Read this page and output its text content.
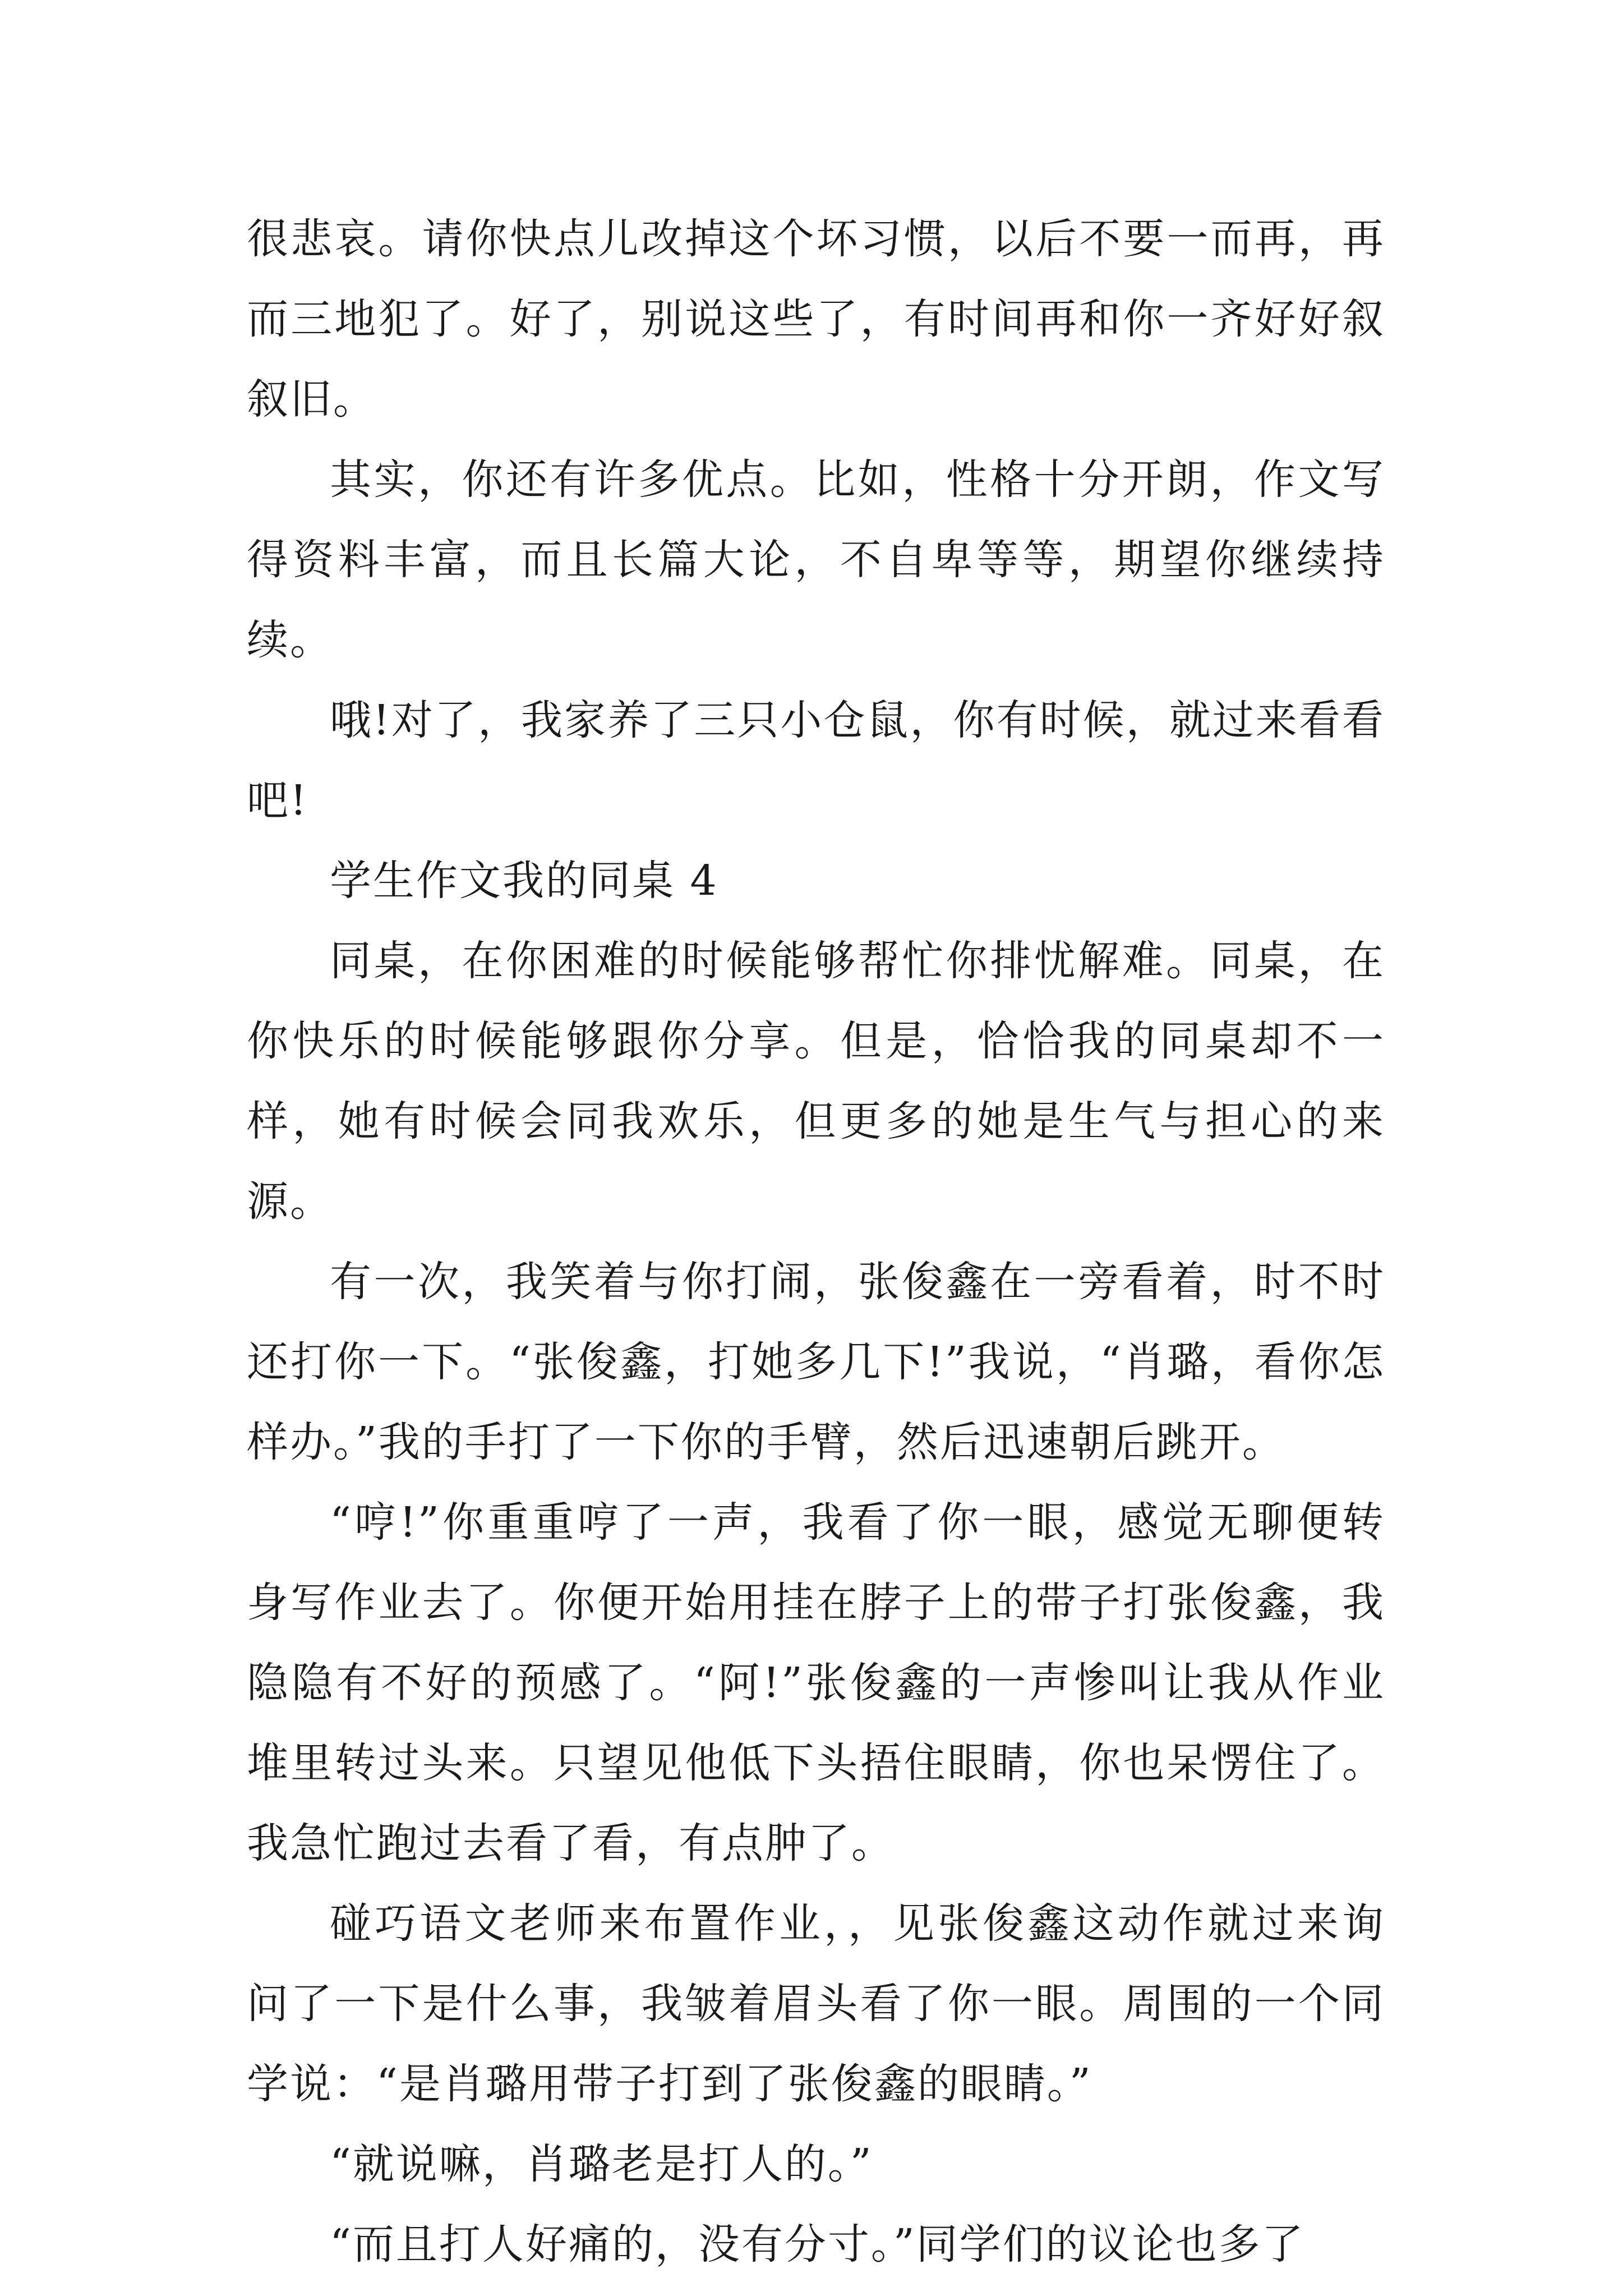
很悲哀。请你快点儿改掉这个坏习惯，以后不要一而再，再而三地犯了。好了，别说这些了，有时间再和你一齐好好叙叙旧。

其实，你还有许多优点。比如，性格十分开朗，作文写得资料丰富，而且长篇大论，不自卑等等，期望你继续持续。

哦!对了，我家养了三只小仓鼠，你有时候，就过来看看吧!

学生作文我的同桌 4

同桌，在你困难的时候能够帮忙你排忧解难。同桌，在你快乐的时候能够跟你分享。但是，恰恰我的同桌却不一样，她有时候会同我欢乐，但更多的她是生气与担心的来源。

有一次，我笑着与你打闹，张俊鑫在一旁看着，时不时还打你一下。“张俊鑫，打她多几下!”我说，“肖璐，看你怎样办。”我的手打了一下你的手臂，然后迅速朝后跳开。

“哼!”你重重哼了一声，我看了你一眼，感觉无聊便转身写作业去了。你便开始用挂在脖子上的带子打张俊鑫，我隐隐有不好的预感了。“阿!”张俊鑫的一声惨叫让我从作业堆里转过头来。只望见他低下头捂住眼睛，你也呆愣住了。我急忙跑过去看了看，有点肿了。

碰巧语文老师来布置作业，，见张俊鑫这动作就过来询问了一下是什么事，我皱着眉头看了你一眼。周围的一个同学说：“是肖璐用带子打到了张俊鑫的眼睛。”

“就说嘛，肖璐老是打人的。”

“而且打人好痛的，没有分寸。”同学们的议论也多了
